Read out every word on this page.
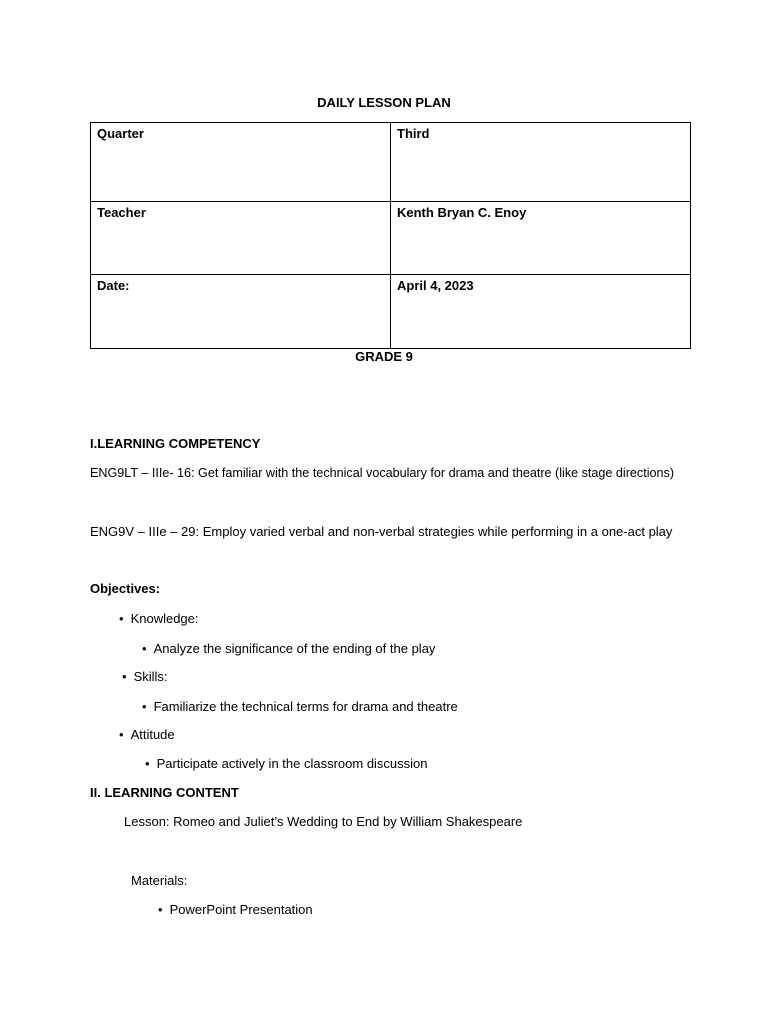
DAILY LESSON PLAN
Quarter	Third
Teacher	Kenth Bryan C. Enoy
Date:	April 4, 2023
GRADE 9
I.LEARNING COMPETENCY
ENG9LT – IIIe- 16: Get familiar with the technical vocabulary for drama and theatre (like stage directions)
ENG9V – IIIe – 29: Employ varied verbal and non-verbal strategies while performing in a one-act play
Objectives:
• Knowledge:
• Analyze the significance of the ending of the play
• Skills:
• Familiarize the technical terms for drama and theatre
• Attitude
• Participate actively in the classroom discussion
II. LEARNING CONTENT
Lesson: Romeo and Juliet’s Wedding to End by William Shakespeare
Materials:
• PowerPoint Presentation
